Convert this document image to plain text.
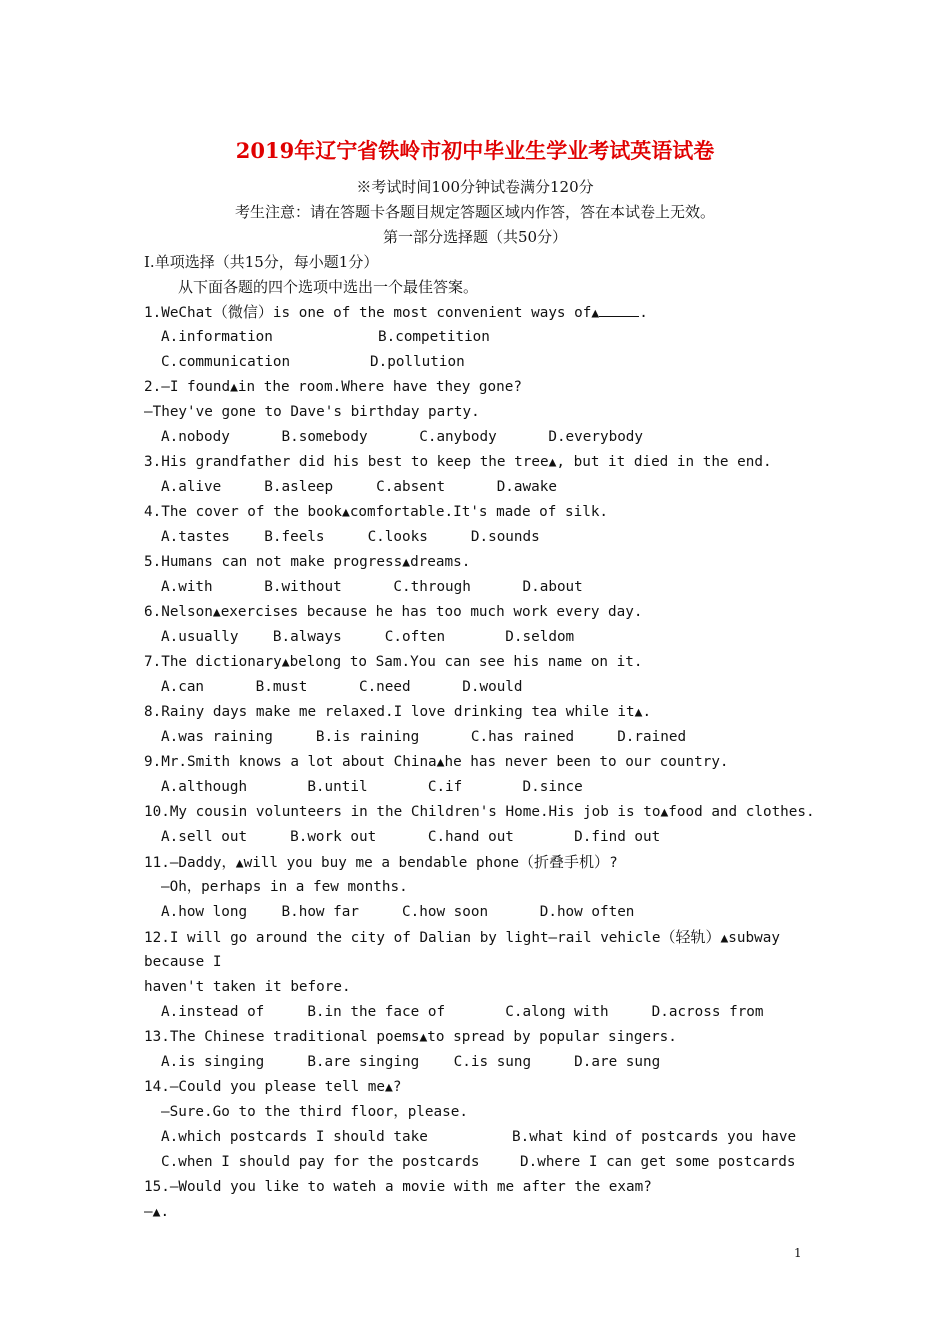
2019年辽宁省铁岭市初中毕业生学业考试英语试卷
※考试时间100分钟试卷满分120分
考生注意：请在答题卡各题目规定答题区域内作答，答在本试卷上无效。
第一部分选择题（共50分）
I.单项选择（共15分，每小题1分）
从下面各题的四个选项中选出一个最佳答案。
1.WeChat（微信）is one of the most convenient ways of▲	.
A.information	B.competition
C.communication	D.pollution
2.—I found▲in the room.Where have they gone?
—They've gone to Dave's birthday party.
A.nobody      B.somebody      C.anybody      D.everybody
3.His grandfather did his best to keep the tree▲, but it died in the end.
A.alive     B.asleep     C.absent      D.awake
4.The cover of the book▲comfortable.It's made of silk.
A.tastes    B.feels     C.looks     D.sounds
5.Humans can not make progress▲dreams.
A.with      B.without      C.through      D.about
6.Nelson▲exercises because he has too much work every day.
A.usually    B.always     C.often       D.seldom
7.The dictionary▲belong to Sam.You can see his name on it.
A.can      B.must      C.need      D.would
8.Rainy days make me relaxed.I love drinking tea while it▲.
A.was raining     B.is raining      C.has rained     D.rained
9.Mr.Smith knows a lot about China▲he has never been to our country.
A.although       B.until       C.if       D.since
10.My cousin volunteers in the Children's Home.His job is to▲food and clothes.
A.sell out     B.work out      C.hand out       D.find out
11.—Daddy，▲will you buy me a bendable phone（折叠手机）?
—Oh，perhaps in a few months.
A.how long    B.how far     C.how soon      D.how often
12.I will go around the city of Dalian by light—rail vehicle（轻轨）▲subway
because I
haven't taken it before.
A.instead of     B.in the face of       C.along with     D.across from
13.The Chinese traditional poems▲to spread by popular singers.
A.is singing     B.are singing    C.is sung     D.are sung
14.—Could you please tell me▲?
—Sure.Go to the third floor，please.
A.which postcards I should take	B.what kind of postcards you have
C.when I should pay for the postcards	D.where I can get some postcards
15.—Would you like to wateh a movie with me after the exam?
—▲.
1
